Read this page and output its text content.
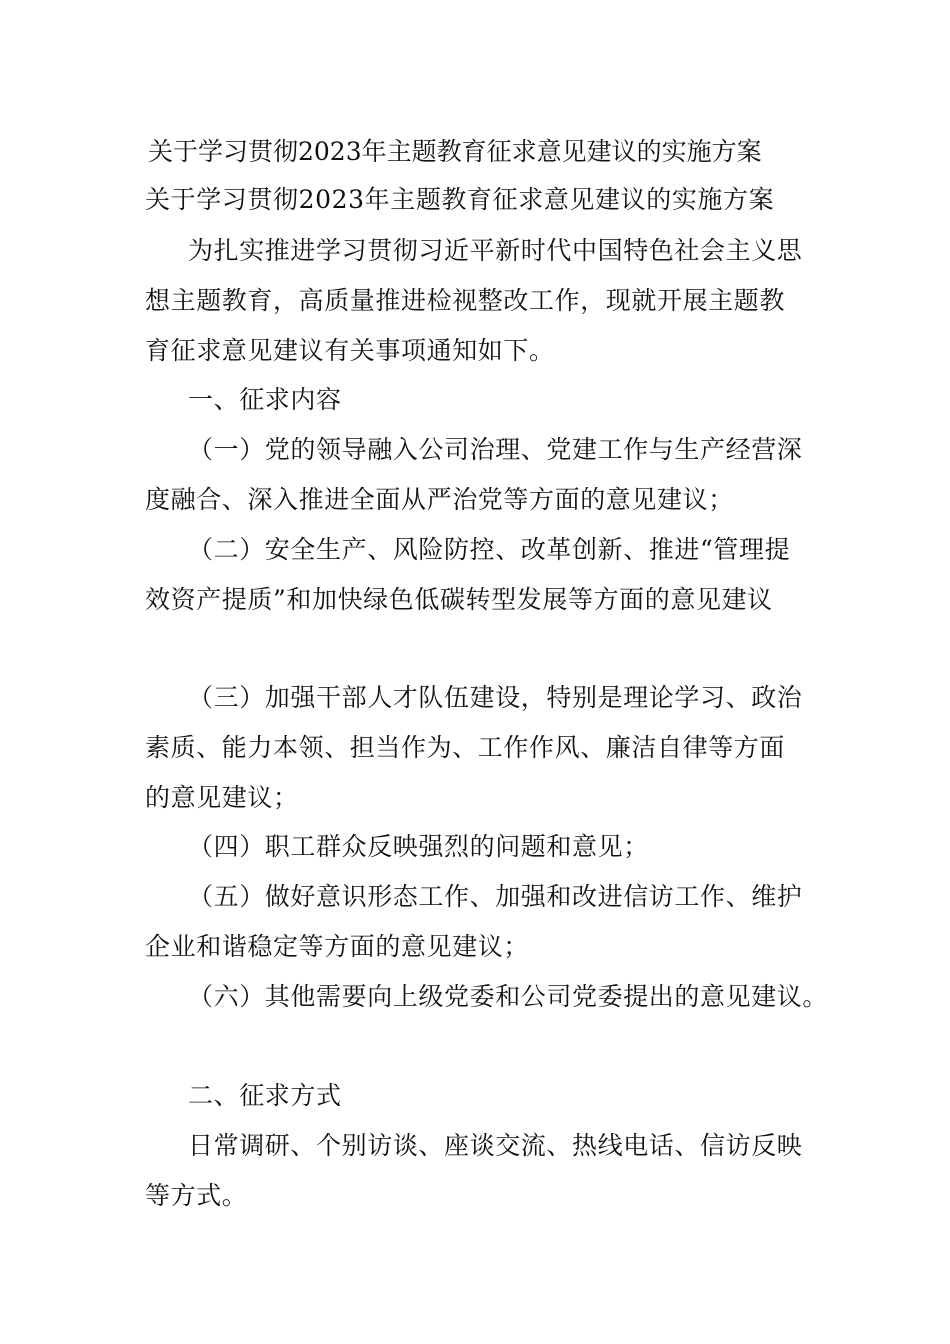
关于学习贯彻2023年主题教育征求意见建议的实施方案

关于学习贯彻2023年主题教育征求意见建议的实施方案

为扎实推进学习贯彻习近平新时代中国特色社会主义思

想主题教育，高质量推进检视整改工作，现就开展主题教

育征求意见建议有关事项通知如下。

一、征求内容

（一）党的领导融入公司治理、党建工作与生产经营深

度融合、深入推进全面从严治党等方面的意见建议；

（二）安全生产、风险防控、改革创新、推进“管理提

效资产提质”和加快绿色低碳转型发展等方面的意见建议

（三）加强干部人才队伍建设，特别是理论学习、政治

素质、能力本领、担当作为、工作作风、廉洁自律等方面

的意见建议；

（四）职工群众反映强烈的问题和意见；

（五）做好意识形态工作、加强和改进信访工作、维护

企业和谐稳定等方面的意见建议；

（六）其他需要向上级党委和公司党委提出的意见建议。

二、征求方式

日常调研、个别访谈、座谈交流、热线电话、信访反映

等方式。
